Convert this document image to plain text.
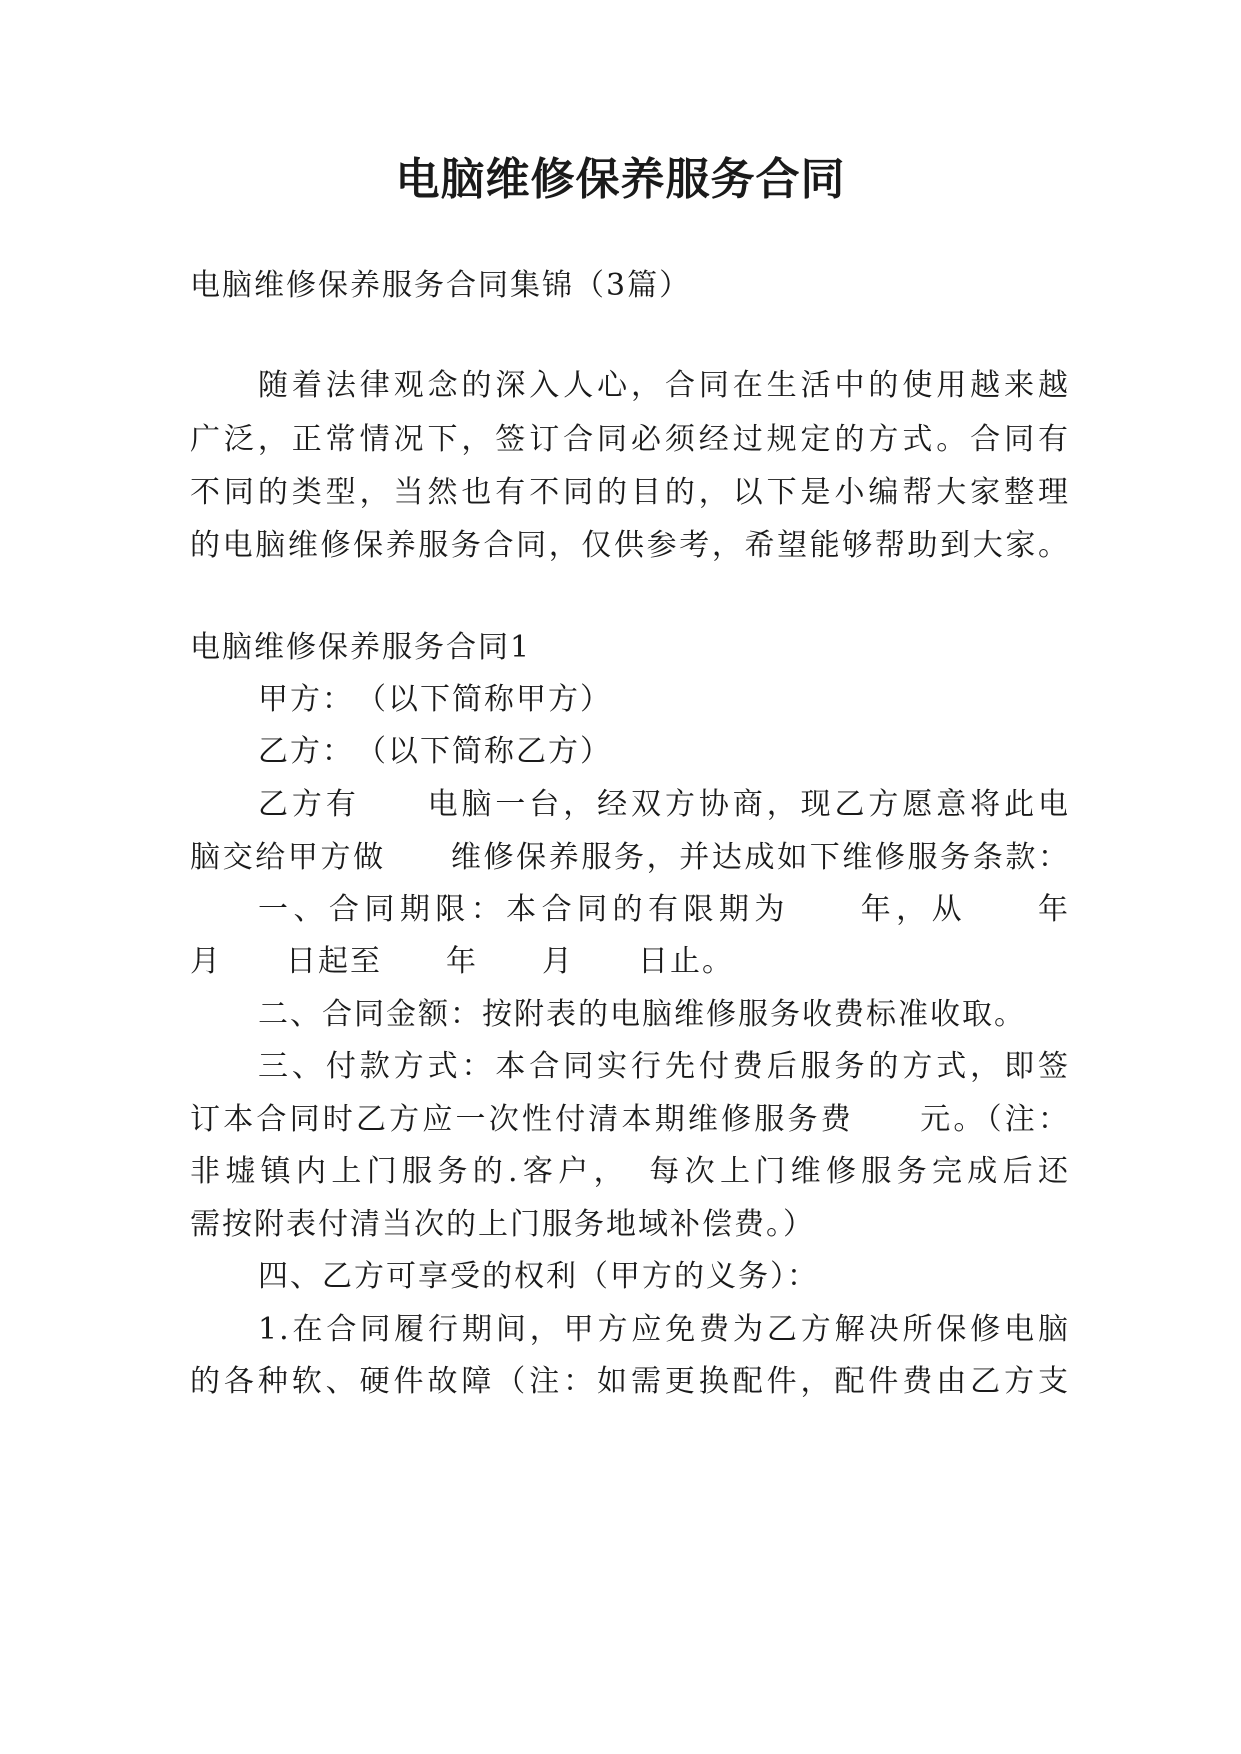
电脑维修保养服务合同
电脑维修保养服务合同集锦（3篇）
随着法律观念的深入人心，合同在生活中的使用越来越
广泛，正常情况下，签订合同必须经过规定的方式。合同有
不同的类型，当然也有不同的目的，以下是小编帮大家整理
的电脑维修保养服务合同，仅供参考，希望能够帮助到大家。
电脑维修保养服务合同1
甲方：　（以下简称甲方）
乙方：　（以下简称乙方）
乙方有　　电脑一台，经双方协商，现乙方愿意将此电
脑交给甲方做　　维修保养服务，并达成如下维修服务条款：
一、合同期限：本合同的有限期为　　年，从　　年
月　　日起至　　年　　月　　日止。
二、合同金额：按附表的电脑维修服务收费标准收取。
三、付款方式：本合同实行先付费后服务的方式，即签
订本合同时乙方应一次性付清本期维修服务费　　元。（注：
非墟镇内上门服务的.客户，　每次上门维修服务完成后还
需按附表付清当次的上门服务地域补偿费。）
四、乙方可享受的权利（甲方的义务）：
1.在合同履行期间，甲方应免费为乙方解决所保修电脑
的各种软、硬件故障（注：如需更换配件，配件费由乙方支
